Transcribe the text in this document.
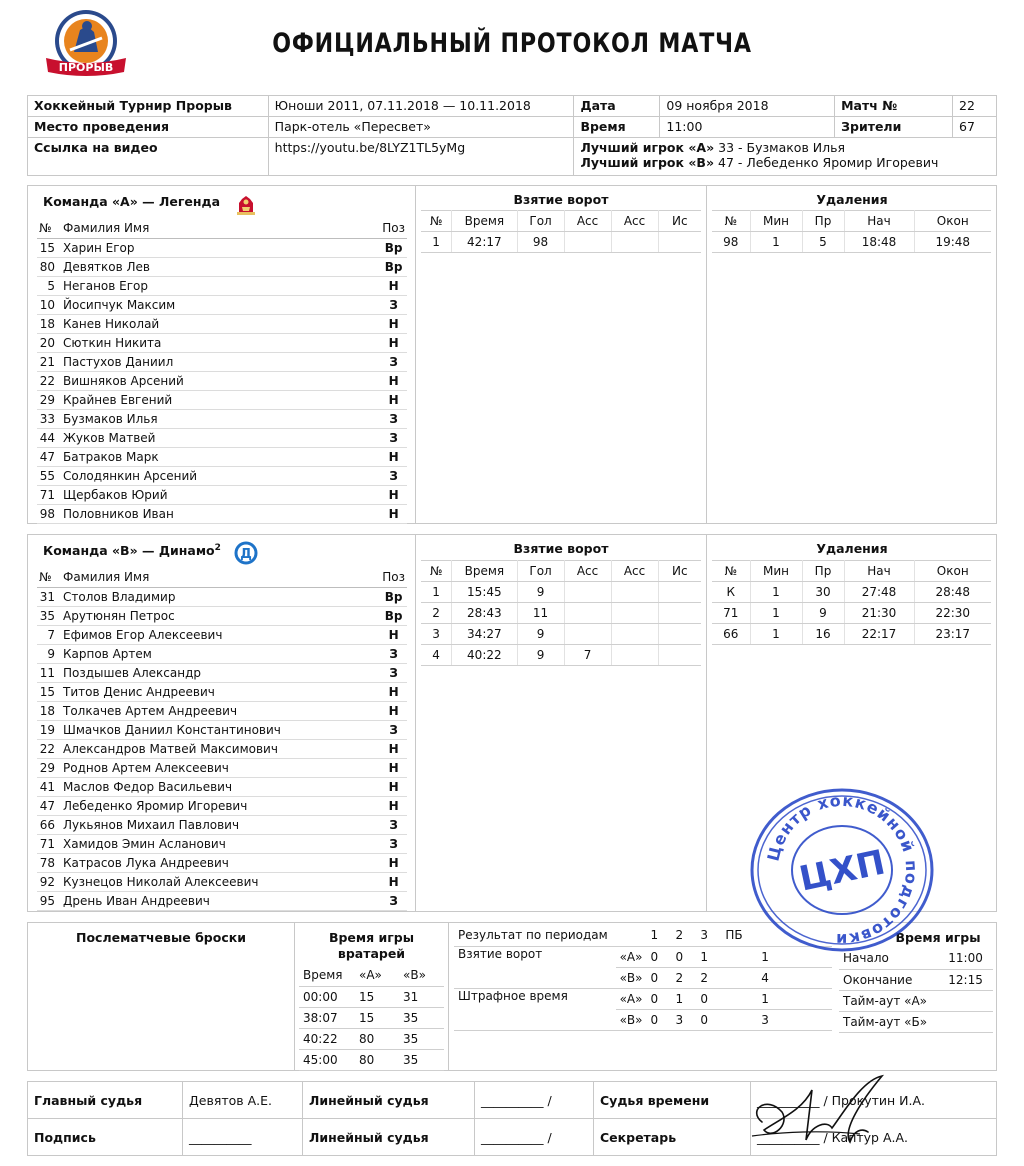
ПРОРЫВ
ОФИЦИАЛЬНЫЙ ПРОТОКОЛ МАТЧА
Хоккейный Турнир Прорыв	Юноши 2011, 07.11.2018 — 10.11.2018	Дата	09 ноября 2018	Матч №	22
Место проведения	Парк-отель «Пересвет»	Время	11:00	Зрители	67
Ссылка на видео	https://youtu.be/8LYZ1TL5yMg	Лучший игрок «А» 33 - Бузмаков Илья
Лучший игрок «В» 47 - Лебеденко Яромир Игоревич			
Команда «А» — Легенда
№	Фамилия Имя	Поз
15	Харин Егор	Вр
80	Девятков Лев	Вр
5	Неганов Егор	Н
10	Йосипчук Максим	З
18	Канев Николай	Н
20	Сюткин Никита	Н
21	Пастухов Даниил	З
22	Вишняков Арсений	Н
29	Крайнев Евгений	Н
33	Бузмаков Илья	З
44	Жуков Матвей	З
47	Батраков Марк	Н
55	Солодянкин Арсений	З
71	Щербаков Юрий	Н
98	Половников Иван	Н
Взятие ворот
№	Время	Гол	Асс	Асс	Ис
1	42:17	98			
Удаления
№	Мин	Пр	Нач	Окон
98	1	5	18:48	19:48
Команда «В» — Динамо$^2$ Д
№	Фамилия Имя	Поз
31	Столов Владимир	Вр
35	Арутюнян Петрос	Вр
7	Ефимов Егор Алексеевич	Н
9	Карпов Артем	З
11	Поздышев Александр	З
15	Титов Денис Андреевич	Н
18	Толкачев Артем Андреевич	Н
19	Шмачков Даниил Константинович	З
22	Александров Матвей Максимович	Н
29	Роднов Артем Алексеевич	Н
41	Маслов Федор Васильевич	Н
47	Лебеденко Яромир Игоревич	Н
66	Лукьянов Михаил Павлович	З
71	Хамидов Эмин Асланович	З
78	Катрасов Лука Андреевич	Н
92	Кузнецов Николай Алексеевич	Н
95	Дрень Иван Андреевич	З
Взятие ворот
№	Время	Гол	Асс	Асс	Ис
1	15:45	9			
2	28:43	11			
3	34:27	9			
4	40:22	9	7		
Удаления
№	Мин	Пр	Нач	Окон
К	1	30	27:48	28:48
71	1	9	21:30	22:30
66	1	16	22:17	23:17
Послематчевые броски	Время игры вратарей
Время	«А»	«В»
00:00	15	31
38:07	15	35
40:22	80	35
45:00	80	35
Результат по периодам		1	2	3	ПБ	
Взятие ворот	«А»	0	0	1		1
	«В»	0	2	2		4
Штрафное время	«А»	0	1	0		1
	«В»	0	3	0		3
Время игры
Начало	11:00
Окончание	12:15
Тайм-аут «А»	
Тайм-аут «Б»	
Главный судья	Девятов А.Е.	Линейный судья	__________ /	Судья времени	__________ / Прокутин И.А.
Подпись	__________	Линейный судья	__________ /	Секретарь	__________ / Каптур А.А.
Центр хоккейной подготовки
ЦХП
